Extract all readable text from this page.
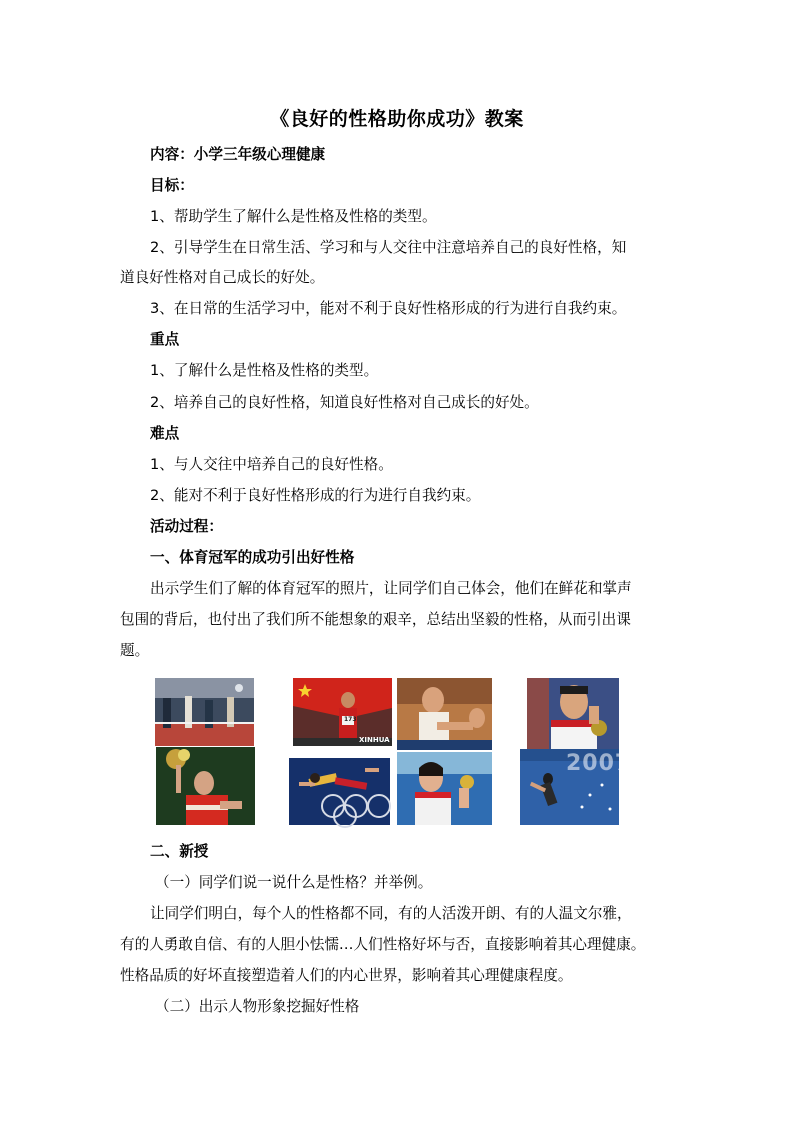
《良好的性格助你成功》教案
内容：小学三年级心理健康
目标：
1、帮助学生了解什么是性格及性格的类型。
2、引导学生在日常生活、学习和与人交往中注意培养自己的良好性格，知
道良好性格对自己成长的好处。
3、在日常的生活学习中，能对不利于良好性格形成的行为进行自我约束。
重点
1、了解什么是性格及性格的类型。
2、培养自己的良好性格，知道良好性格对自己成长的好处。
难点
1、与人交往中培养自己的良好性格。
2、能对不利于良好性格形成的行为进行自我约束。
活动过程：
一、体育冠军的成功引出好性格
出示学生们了解的体育冠军的照片，让同学们自己体会，他们在鲜花和掌声
包围的背后，也付出了我们所不能想象的艰辛，总结出坚毅的性格，从而引出课
题。
173
XINHUA
2007
二、新授
（一）同学们说一说什么是性格？并举例。
让同学们明白，每个人的性格都不同，有的人活泼开朗、有的人温文尔雅，
有的人勇敢自信、有的人胆小怯懦…人们性格好坏与否，直接影响着其心理健康。
性格品质的好坏直接塑造着人们的内心世界，影响着其心理健康程度。
（二）出示人物形象挖掘好性格
